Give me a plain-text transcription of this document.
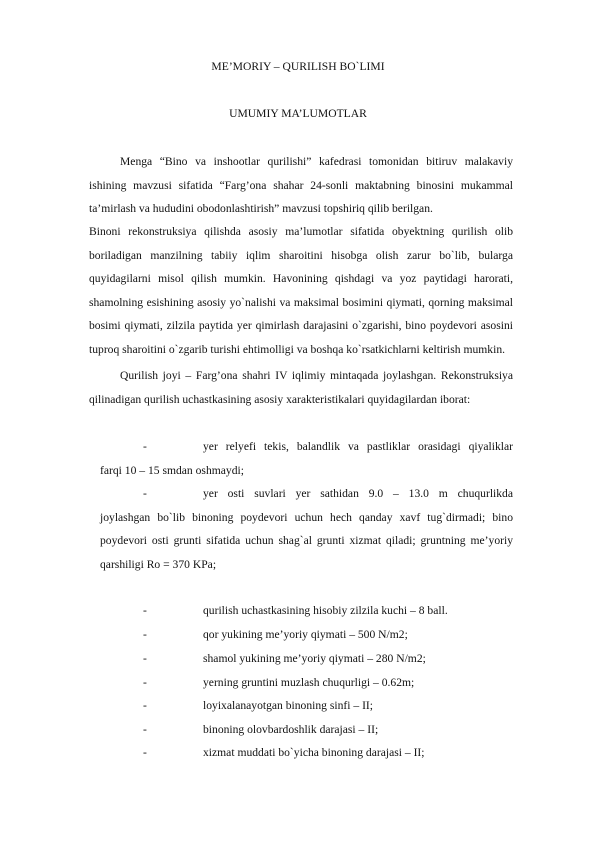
ME’MORIY – QURILISH BO`LIMI
UMUMIY MA’LUMOTLAR

Menga “Bino va inshootlar qurilishi” kafedrasi tomonidan bitiruv malakaviy ishining mavzusi sifatida “Farg’ona shahar 24-sonli maktabning binosini mukammal ta’mirlash va hududini obodonlashtirish” mavzusi topshiriq qilib berilgan.

Binoni rekonstruksiya qilishda asosiy ma’lumotlar sifatida obyektning qurilish olib boriladigan manzilning tabiiy iqlim sharoitini hisobga olish zarur bo`lib, bularga quyidagilarni misol qilish mumkin. Havonining qishdagi va yoz paytidagi harorati, shamolning esishining asosiy yo`nalishi va maksimal bosimini qiymati, qorning maksimal bosimi qiymati, zilzila paytida yer qimirlash darajasini o`zgarishi, bino poydevori asosini tuproq sharoitini o`zgarib turishi ehtimolligi va boshqa ko`rsatkichlarni keltirish mumkin.

Qurilish joyi – Farg’ona shahri IV iqlimiy mintaqada joylashgan. Rekonstruksiya qilinadigan qurilish uchastkasining asosiy xarakteristikalari quyidagilardan iborat:

-	yer relyefi tekis, balandlik va pastliklar orasidagi qiyaliklar
farqi 10 – 15 smdan oshmaydi;
-	yer osti suvlari yer sathidan 9.0 – 13.0 m chuqurlikda
joylashgan bo`lib binoning poydevori uchun hech qanday xavf tug`dirmadi; bino poydevori osti grunti sifatida uchun shag`al grunti xizmat qiladi; gruntning me’yoriy qarshiligi Ro = 370 KPa;
-	qurilish uchastkasining hisobiy zilzila kuchi – 8 ball.
-	qor yukining me’yoriy qiymati – 500 N/m2;
-	shamol yukining me’yoriy qiymati – 280 N/m2;
-	yerning gruntini muzlash chuqurligi – 0.62m;
-	loyixalanayotgan binoning sinfi – II;
-	binoning olovbardoshlik darajasi – II;
-	xizmat muddati bo`yicha binoning darajasi – II;
